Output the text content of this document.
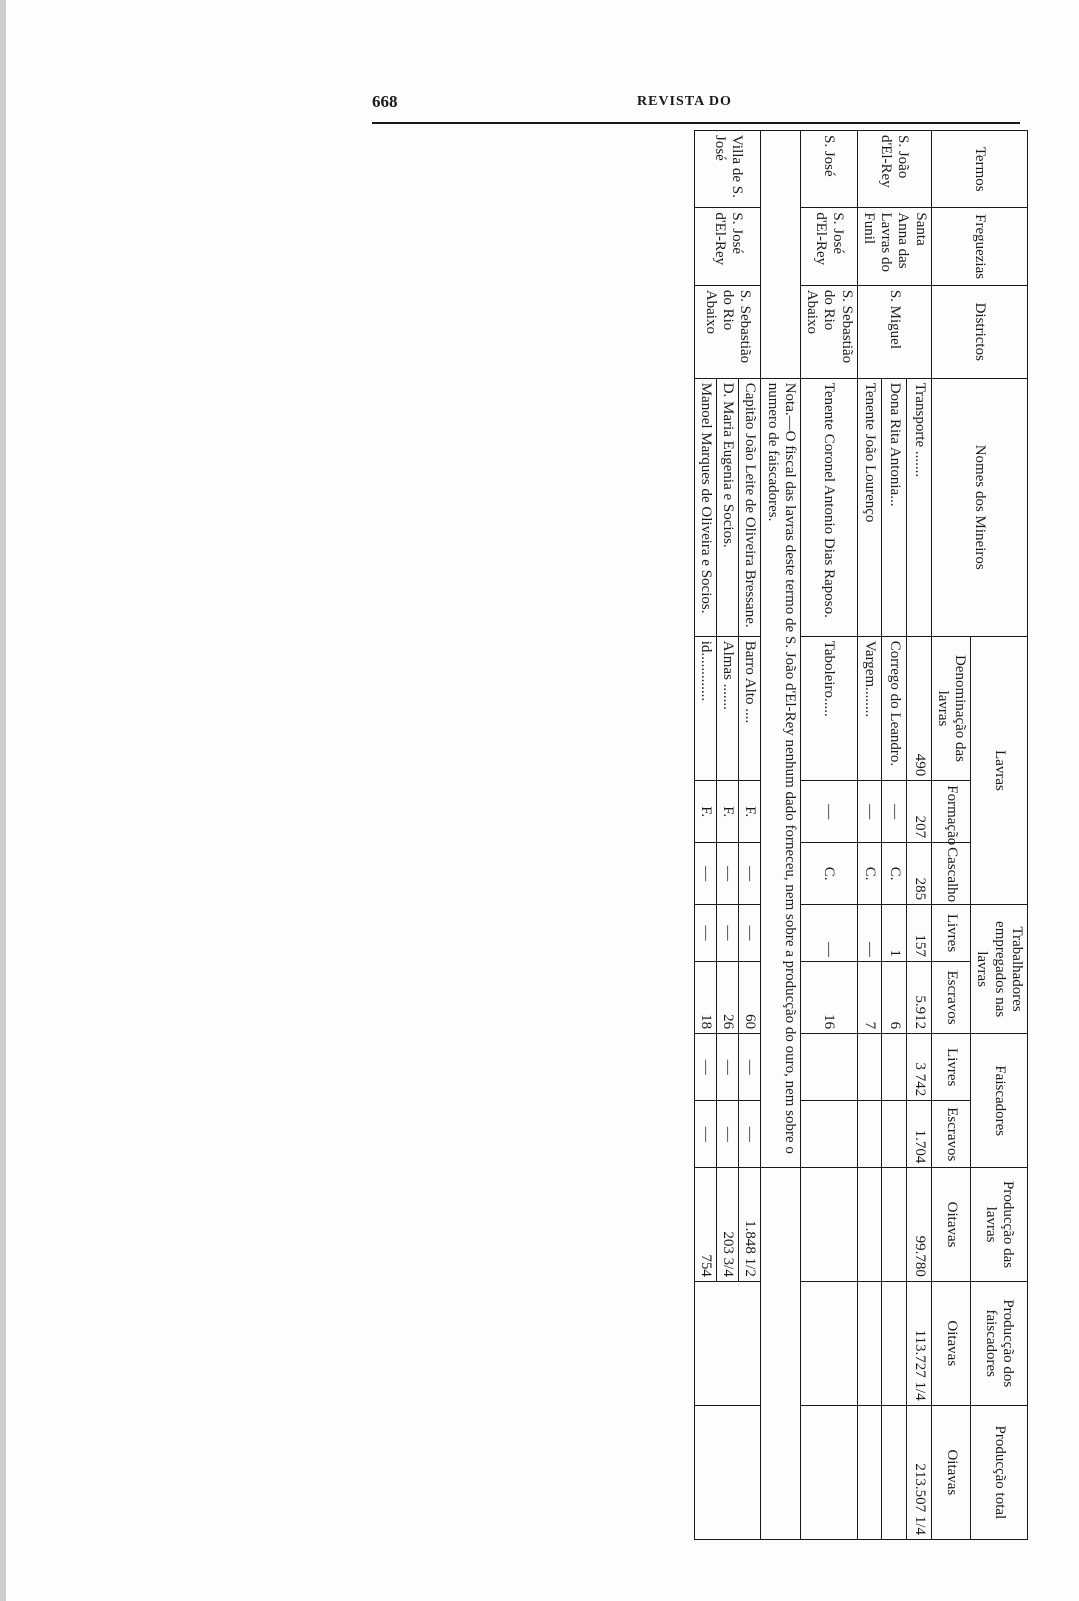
668	REVISTA DO
Termos	Freguezias	Districtos	Nomes dos Mineiros	Lavras			Trabalhadores empregados nas lavras		Faiscadores		Producção das lavras	Producção dos faiscadores	Producção total
				Denominação das lavras	Formação	Cascalho	Livres	Escravos	Livres	Escravos			
											Oitavas	Oitavas	Oitavas
S. João d'El-Rey	Santa Anna das Lavras do Funil	S. Miguel	Transporte .......	490	207	285	157	5.912	3 742	1.704	99.780	113.727 1/4	213.507 1/4
			Dona Rita Antonia...	Corrego do Leandro.	—	C.	1	6					
			Tenente João Lourenço	Vargem........	—	C.	—	7					
S. José	S. José d'El-Rey	S. Sebastião do Rio Abaixo	Tenente Coronel Antonio Dias Raposo.	Taboleiro.....	—	C.	—	16					
			Nota.—O fiscal das lavras deste termo de S. João d'El-Rey nenhum dado forneceu, nem sobre a producção do ouro, nem sobre o numero de faiscadores.										
Villa de S. José	S. José d'El-Rey	S. Sebastião do Rio Abaixo	Capitão João Leite de Oliveira Bressane.	Barro Alto ....	F.	—	—	60	—	—	1.848 1/2		
			D. Maria Eugenia e Socios.	Almas .......	F.	—	—	26	—	—	203 3/4		
			Manoel Marques de Oliveira e Socios.	id.............	F.	—	—	18	—	—	754		
